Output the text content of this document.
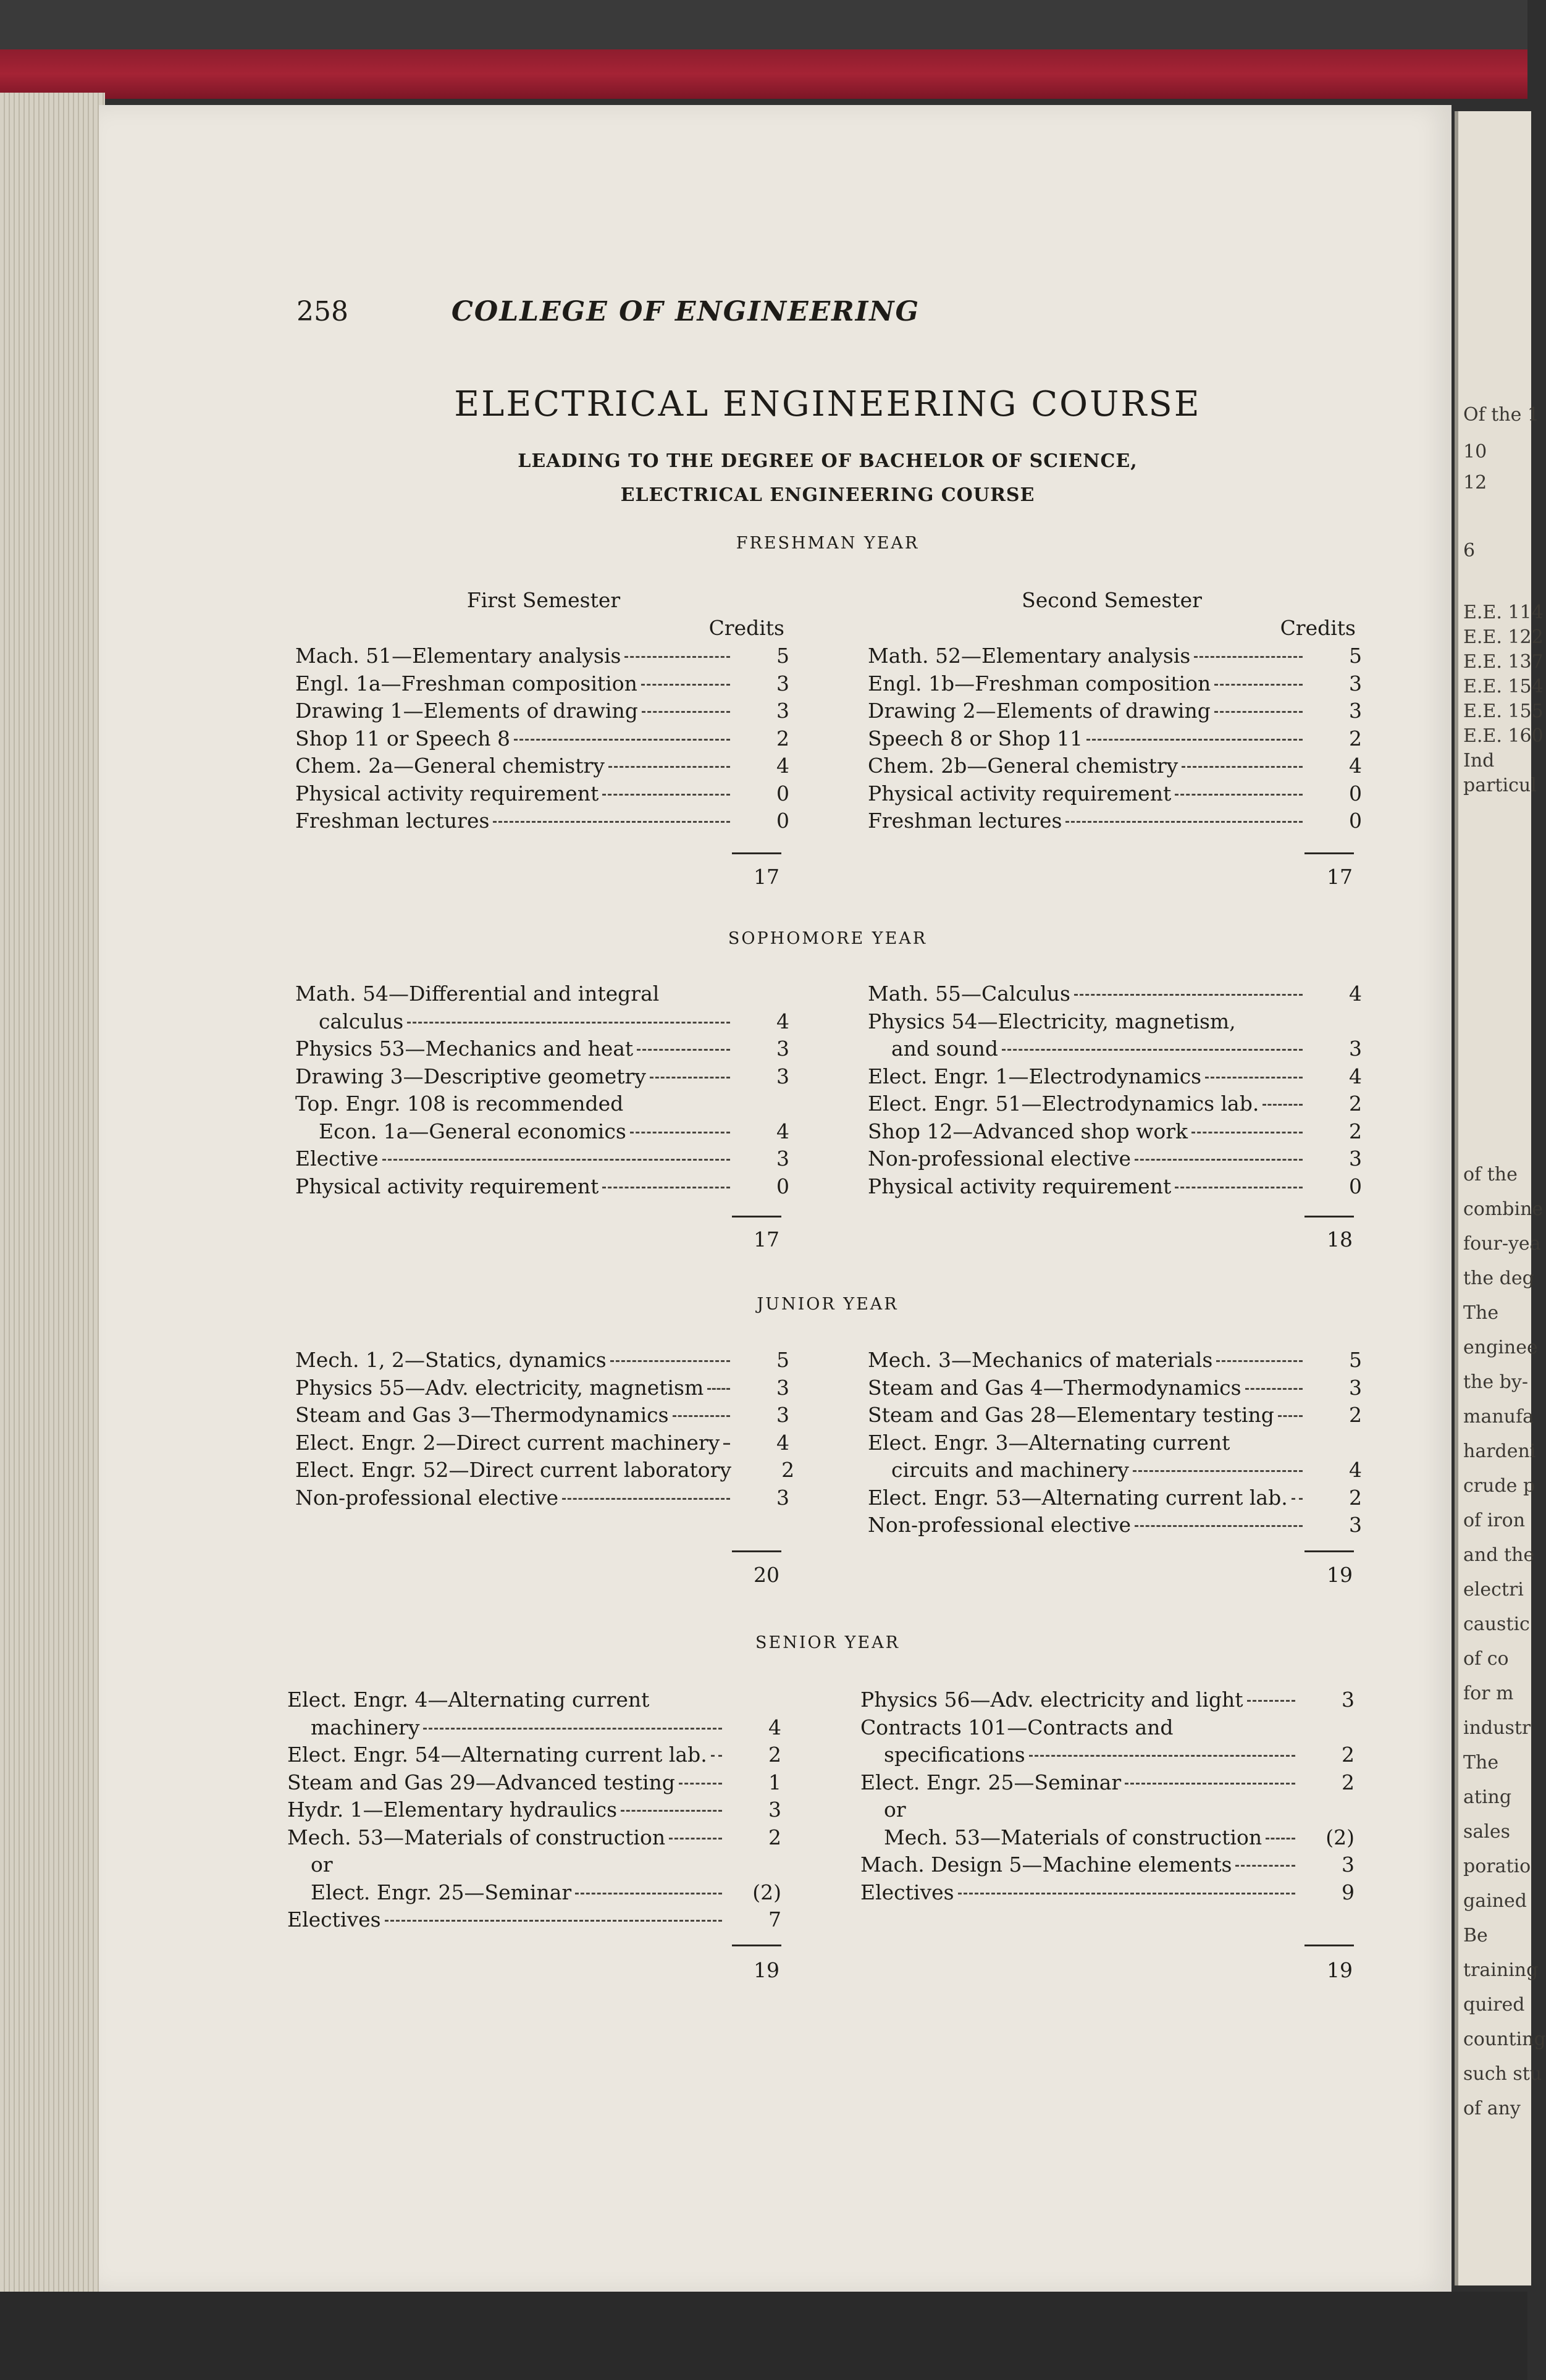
Of the 1
10
12
6
E.E. 114
E.E. 122
E.E. 137
E.E. 154
E.E. 155
E.E. 160
Ind
particul
of the
combine
four-yea
the deg
The
enginee
the by-
manufa
hardeni
crude p
of iron
and the
electri
caustic
of co
for m
industr
The
ating
sales
poratio
gained
Be
training
quired
counting
such stu
of any
258	COLLEGE OF ENGINEERING
ELECTRICAL ENGINEERING COURSE
LEADING TO THE DEGREE OF BACHELOR OF SCIENCE,
ELECTRICAL ENGINEERING COURSE
FRESHMAN YEAR
First Semester	Second Semester
Credits	Credits
Mach. 51—Elementary analysis	5
Engl. 1a—Freshman composition	3
Drawing 1—Elements of drawing	3
Shop 11 or Speech 8	2
Chem. 2a—General chemistry	4
Physical activity requirement	0
Freshman lectures	0
Math. 52—Elementary analysis	5
Engl. 1b—Freshman composition	3
Drawing 2—Elements of drawing	3
Speech 8 or Shop 11	2
Chem. 2b—General chemistry	4
Physical activity requirement	0
Freshman lectures	0
17	17
SOPHOMORE YEAR
Math. 54—Differential and integral
calculus	4
Physics 53—Mechanics and heat	3
Drawing 3—Descriptive geometry	3
Top. Engr. 108 is recommended
Econ. 1a—General economics	4
Elective	3
Physical activity requirement	0
Math. 55—Calculus	4
Physics 54—Electricity, magnetism,
and sound	3
Elect. Engr. 1—Electrodynamics	4
Elect. Engr. 51—Electrodynamics lab.	2
Shop 12—Advanced shop work	2
Non-professional elective	3
Physical activity requirement	0
17	18
JUNIOR YEAR
Mech. 1, 2—Statics, dynamics	5
Physics 55—Adv. electricity, magnetism	3
Steam and Gas 3—Thermodynamics	3
Elect. Engr. 2—Direct current machinery	4
Elect. Engr. 52—Direct current laboratory	2
Non-professional elective	3
Mech. 3—Mechanics of materials	5
Steam and Gas 4—Thermodynamics	3
Steam and Gas 28—Elementary testing	2
Elect. Engr. 3—Alternating current
circuits and machinery	4
Elect. Engr. 53—Alternating current lab.	2
Non-professional elective	3
20	19
SENIOR YEAR
Elect. Engr. 4—Alternating current
machinery	4
Elect. Engr. 54—Alternating current lab.	2
Steam and Gas 29—Advanced testing	1
Hydr. 1—Elementary hydraulics	3
Mech. 53—Materials of construction	2
or
Elect. Engr. 25—Seminar	(2)
Electives	7
Physics 56—Adv. electricity and light	3
Contracts 101—Contracts and
specifications	2
Elect. Engr. 25—Seminar	2
or
Mech. 53—Materials of construction	(2)
Mach. Design 5—Machine elements	3
Electives	9
19	19
